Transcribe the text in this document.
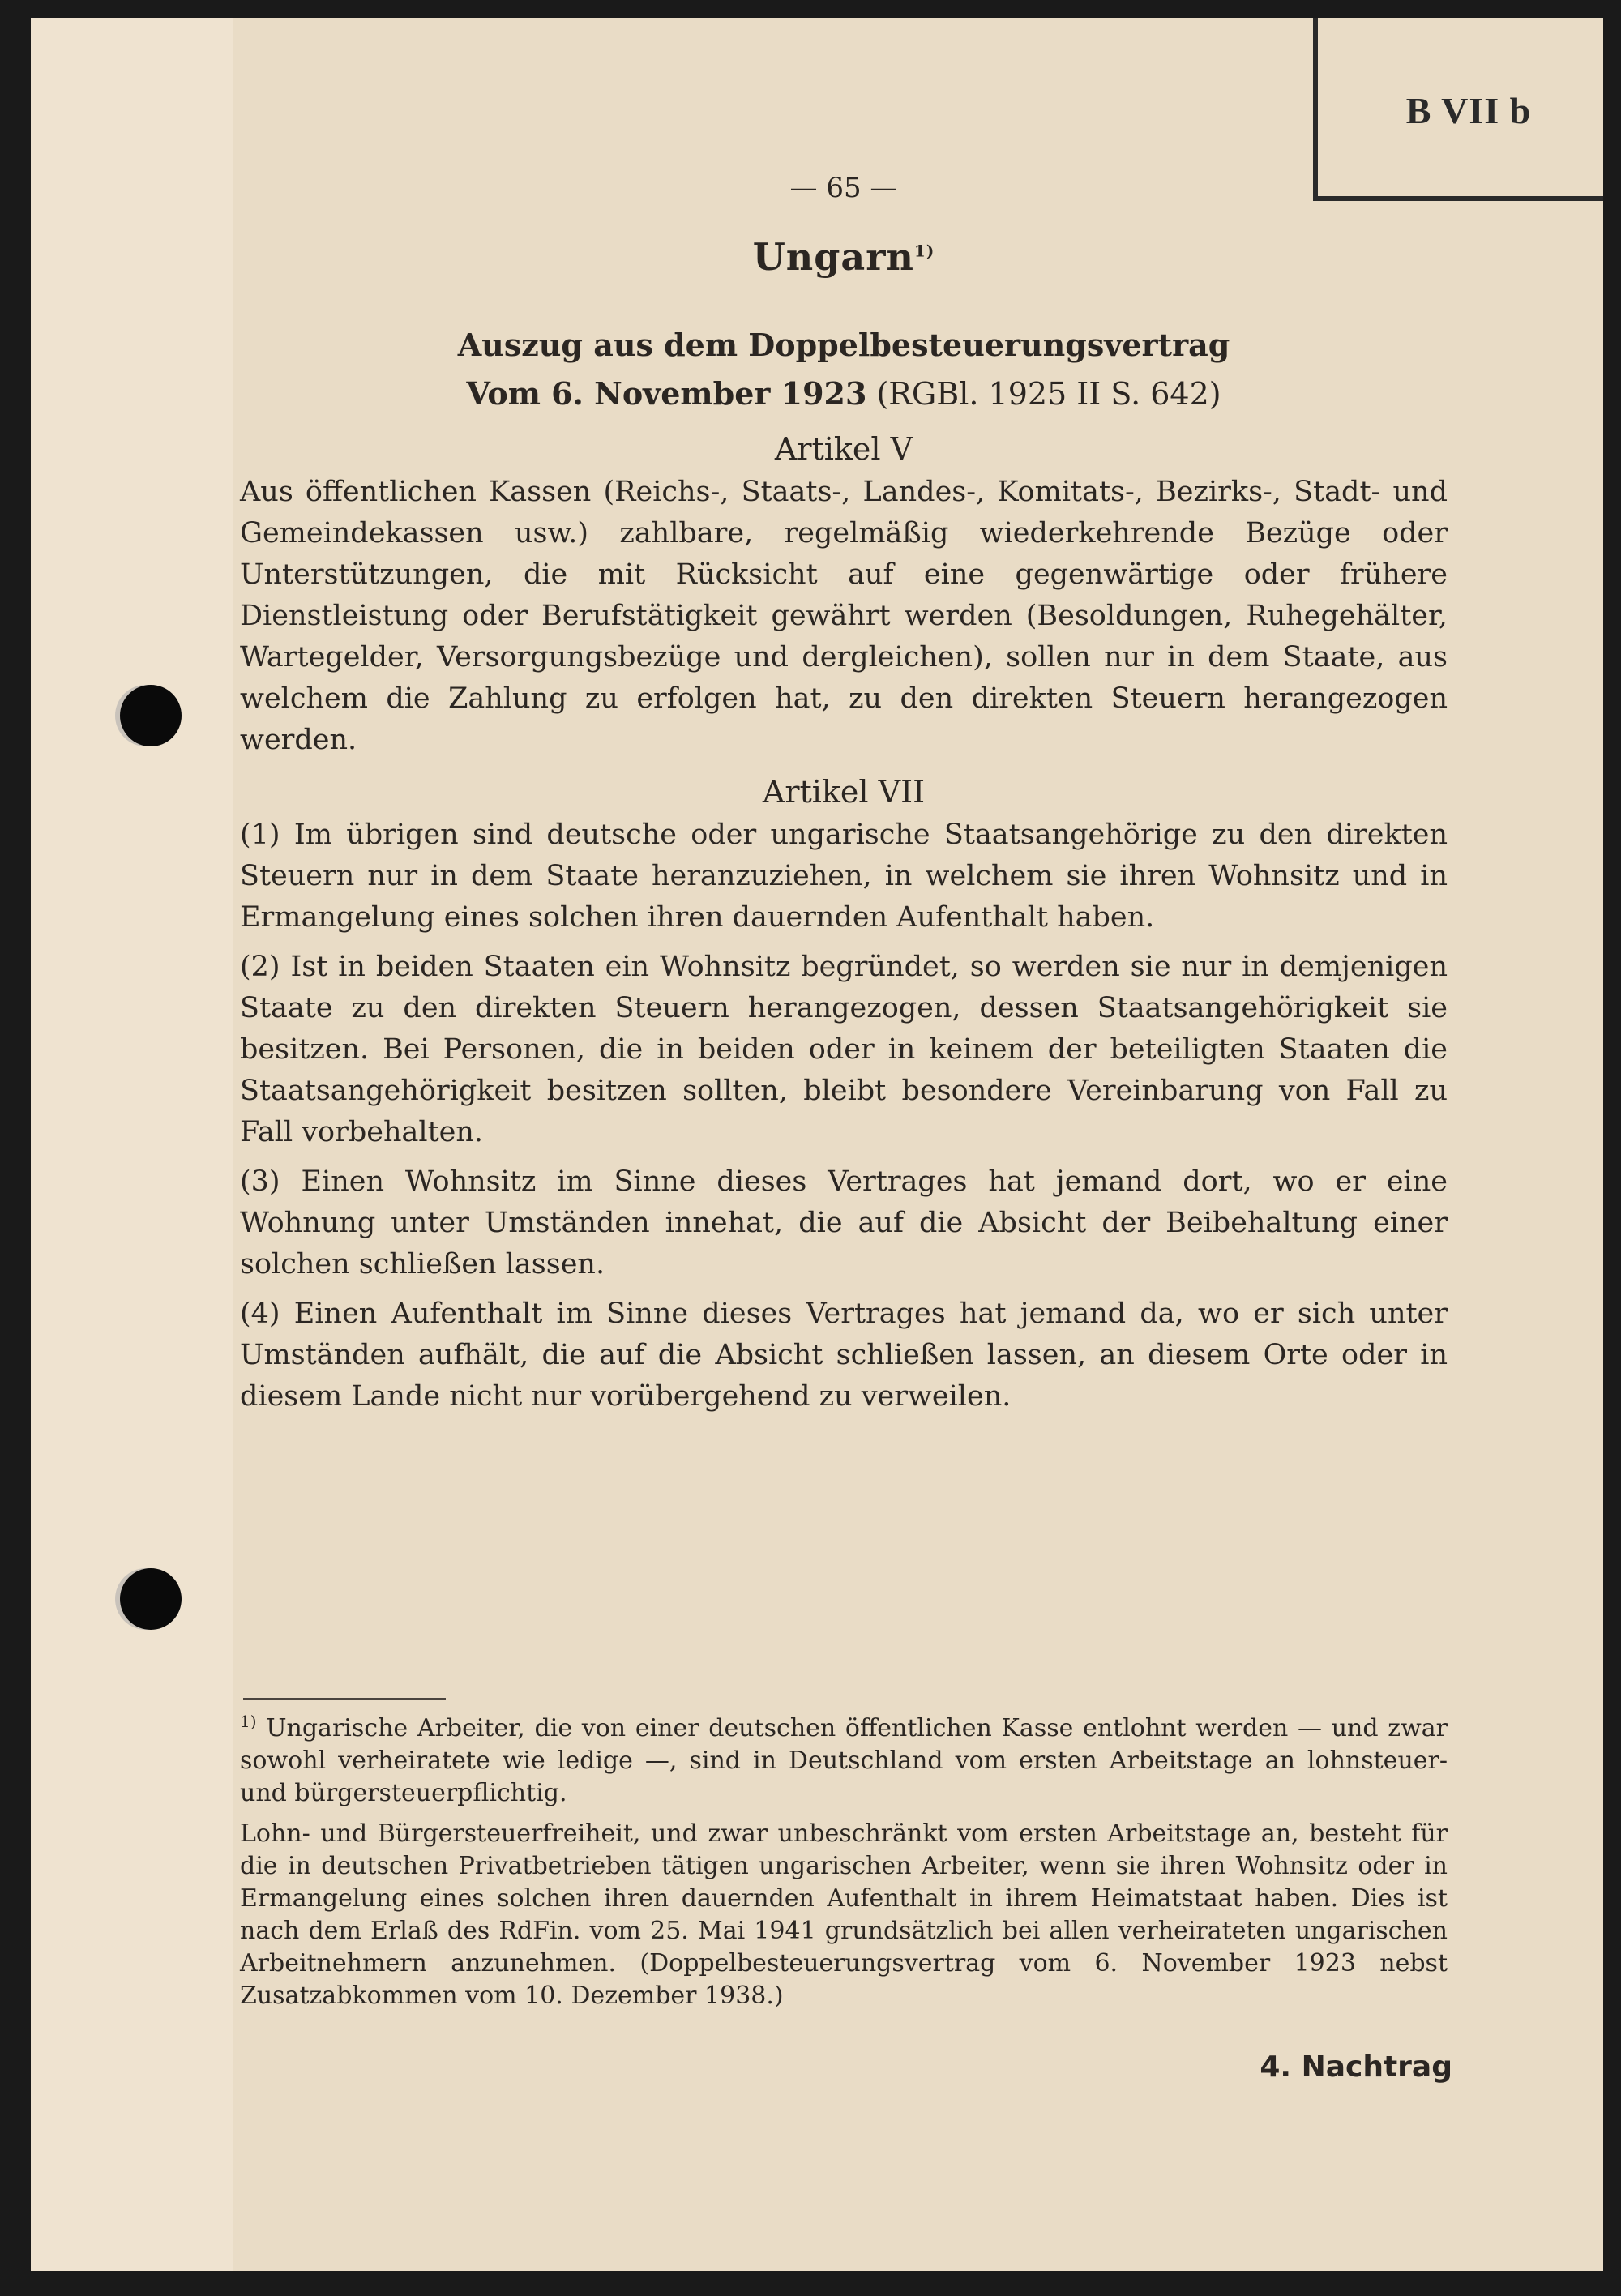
B VII b
— 65 —
Ungarn$^{1)}$
Auszug aus dem Doppelbesteuerungsvertrag
Vom 6. November 1923 (RGBl. 1925 II S. 642)
Artikel V

Aus öffentlichen Kassen (Reichs-, Staats-, Landes-, Komitats-, Bezirks-, Stadt- und Gemeindekassen usw.) zahlbare, regelmäßig wiederkehrende Bezüge oder Unterstützungen, die mit Rücksicht auf eine gegenwärtige oder frühere Dienstleistung oder Berufstätigkeit gewährt werden (Besoldungen, Ruhegehälter, Wartegelder, Versorgungsbezüge und dergleichen), sollen nur in dem Staate, aus welchem die Zahlung zu erfolgen hat, zu den direkten Steuern herangezogen werden.

Artikel VII

(1) Im übrigen sind deutsche oder ungarische Staatsangehörige zu den direkten Steuern nur in dem Staate heranzuziehen, in welchem sie ihren Wohnsitz und in Ermangelung eines solchen ihren dauernden Aufenthalt haben.

(2) Ist in beiden Staaten ein Wohnsitz begründet, so werden sie nur in demjenigen Staate zu den direkten Steuern herangezogen, dessen Staatsangehörigkeit sie besitzen. Bei Personen, die in beiden oder in keinem der beteiligten Staaten die Staatsangehörigkeit besitzen sollten, bleibt besondere Vereinbarung von Fall zu Fall vorbehalten.

(3) Einen Wohnsitz im Sinne dieses Vertrages hat jemand dort, wo er eine Wohnung unter Umständen innehat, die auf die Absicht der Beibehaltung einer solchen schließen lassen.

(4) Einen Aufenthalt im Sinne dieses Vertrages hat jemand da, wo er sich unter Umständen aufhält, die auf die Absicht schließen lassen, an diesem Orte oder in diesem Lande nicht nur vorübergehend zu verweilen.

$^{1)}$ Ungarische Arbeiter, die von einer deutschen öffentlichen Kasse entlohnt werden — und zwar sowohl verheiratete wie ledige —, sind in Deutschland vom ersten Arbeitstage an lohnsteuer- und bürgersteuerpflichtig.

Lohn- und Bürgersteuerfreiheit, und zwar unbeschränkt vom ersten Arbeitstage an, besteht für die in deutschen Privatbetrieben tätigen ungarischen Arbeiter, wenn sie ihren Wohnsitz oder in Ermangelung eines solchen ihren dauernden Aufenthalt in ihrem Heimatstaat haben. Dies ist nach dem Erlaß des RdFin. vom 25. Mai 1941 grundsätzlich bei allen verheirateten ungarischen Arbeitnehmern anzunehmen. (Doppelbesteuerungsvertrag vom 6. November 1923 nebst Zusatzabkommen vom 10. Dezember 1938.)

4. Nachtrag
